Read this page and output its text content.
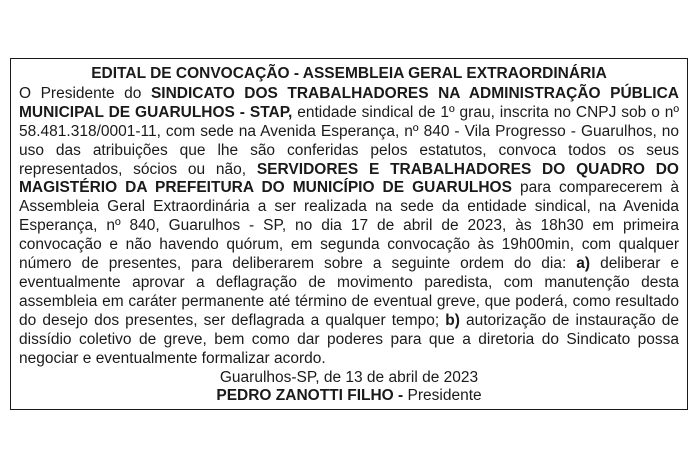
EDITAL DE CONVOCAÇÃO - ASSEMBLEIA GERAL EXTRAORDINÁRIA

O Presidente do SINDICATO DOS TRABALHADORES NA ADMINISTRAÇÃO PÚBLICA MUNICIPAL DE GUARULHOS - STAP, entidade sindical de 1º grau, inscrita no CNPJ sob o nº 58.481.318/0001-11, com sede na Avenida Esperança, nº 840 - Vila Progresso - Guarulhos, no uso das atribuições que lhe são conferidas pelos estatutos, convoca todos os seus representados, sócios ou não, SERVIDORES E TRABALHADORES DO QUADRO DO MAGISTÉRIO DA PREFEITURA DO MUNICÍPIO DE GUARULHOS para comparecerem à Assembleia Geral Extraordinária a ser realizada na sede da entidade sindical, na Avenida Esperança, nº 840, Guarulhos - SP, no dia 17 de abril de 2023, às 18h30 em primeira convocação e não havendo quórum, em segunda convocação às 19h00min, com qualquer número de presentes, para deliberarem sobre a seguinte ordem do dia: a) deliberar e eventualmente aprovar a deflagração de movimento paredista, com manutenção desta assembleia em caráter permanente até término de eventual greve, que poderá, como resultado do desejo dos presentes, ser deflagrada a qualquer tempo; b) autorização de instauração de dissídio coletivo de greve, bem como dar poderes para que a diretoria do Sindicato possa negociar e eventualmente formalizar acordo.

Guarulhos-SP, de 13 de abril de 2023

PEDRO ZANOTTI FILHO - Presidente
